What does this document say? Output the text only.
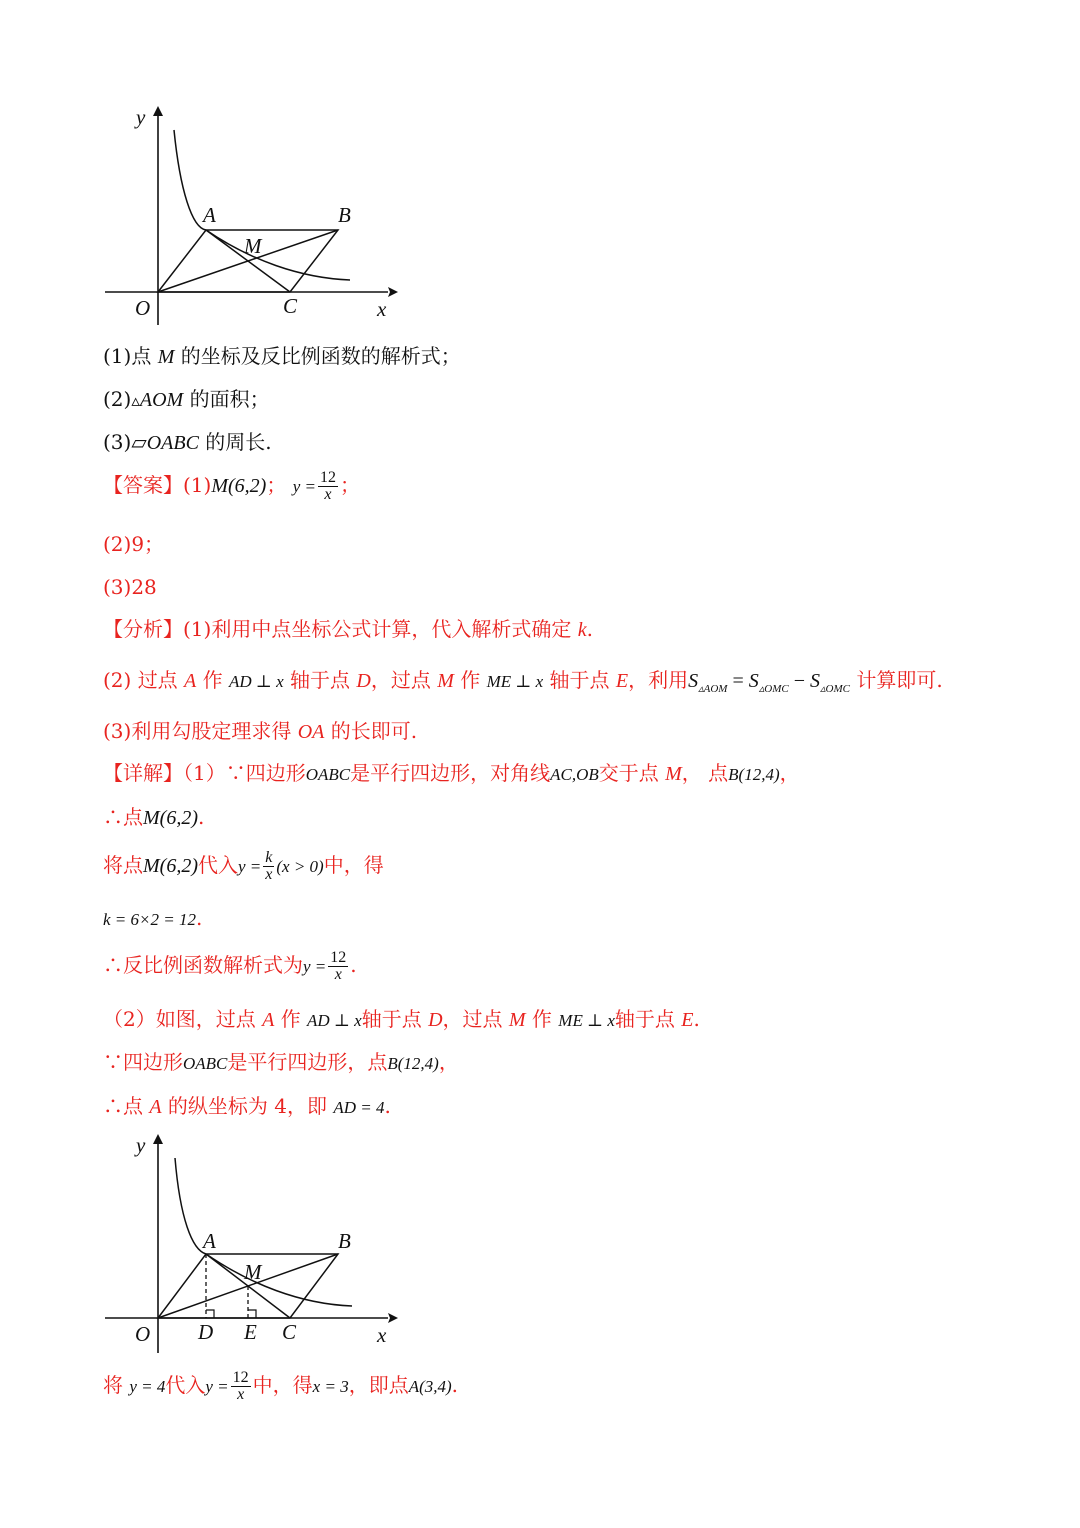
y
x
O
A	B
M
C
(1)点 M 的坐标及反比例函数的解析式；
(2)▵AOM 的面积；
(3)▱OABC 的周长.
【答案】(1)M(6,2)； $y = \frac{12}{x}$ ；
(2)9；
(3)28
【分析】(1)利用中点坐标公式计算，代入解析式确定 k.
(2) 过点 A 作 AD ⊥ x 轴于点 D，过点 M 作 ME ⊥ x 轴于点 E，利用$S_{▵AOM} = S_{▵OMC} - S_{▵OMC}$ 计算即可.
(3)利用勾股定理求得 OA 的长即可.
【详解】（1）∵四边形OABC是平行四边形，对角线AC,OB交于点 M， 点B(12,4)，
∴点M(6,2).
将点M(6,2)代入$y = \frac{k}{x} (x > 0)$中，得
k = 6×2 = 12.
∴反比例函数解析式为$y = \frac{12}{x}$ .
（2）如图，过点 A 作 AD ⊥ x轴于点 D，过点 M 作 ME ⊥ x轴于点 E.
∵四边形OABC是平行四边形，点B(12,4)，
∴点 A 的纵坐标为 4，即 AD = 4.
y
x
O
A	B
M
C
D E
将 y = 4代入$y = \frac{12}{x}$ 中，得x = 3，即点A(3,4).
